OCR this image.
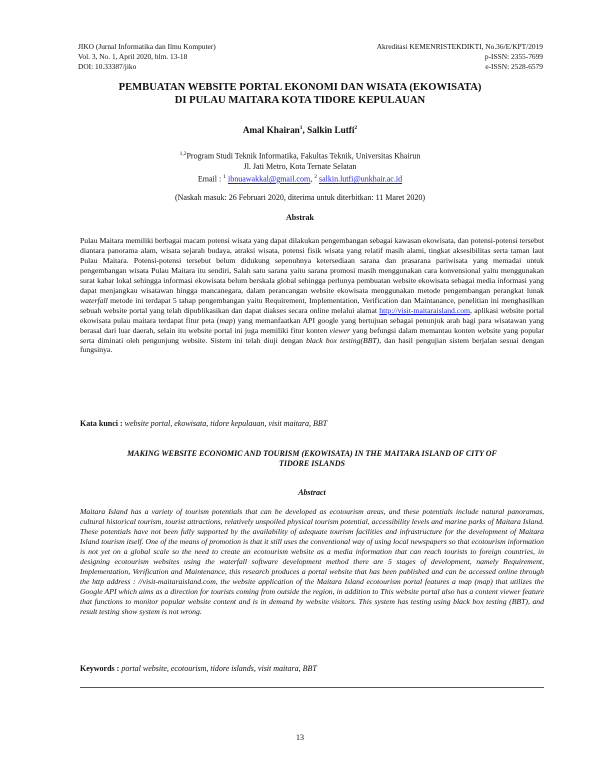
JIKO (Jurnal Informatika dan Ilmu Komputer)
Vol. 3, No. 1, April 2020, hlm. 13-18
DOI: 10.33387/jiko
Akreditasi KEMENRISTEKDIKTI, No.36/E/KPT/2019
p-ISSN: 2355-7699
e-ISSN: 2528-6579
PEMBUATAN WEBSITE PORTAL EKONOMI DAN WISATA (EKOWISATA)
DI PULAU MAITARA KOTA TIDORE KEPULAUAN
Amal Khairan$^1$, Salkin Lutfi$^2$
$^{1,2}$Program Studi Teknik Informatika, Fakultas Teknik, Universitas Khairun
Jl. Jati Metro, Kota Ternate Selatan
Email : $^1$ ibnuawakkal@gmail.com, $^2$ salkin.lutfi@unkhair.ac.id
(Naskah masuk: 26 Februari 2020, diterima untuk diterbitkan: 11 Maret 2020)
Abstrak
Pulau Maitara memiliki berbagai macam potensi wisata yang dapat dilakukan pengembangan sebagai kawasan ekowisata, dan potensi-potensi tersebut diantara panorama alam, wisata sejarah budaya, atraksi wisata, potensi fisik wisata yang relatif masih alami, tingkat aksesibilitas serta taman laut Pulau Maitara. Potensi-potensi tersebut belum didukung sepenuhnya ketersediaan sarana dan prasarana pariwisata yang memadai untuk pengembangan wisata Pulau Maitara itu sendiri, Salah satu sarana yaitu sarana promosi masih menggunakan cara konvensional yaitu menggunakan surat kabar lokal sehingga informasi ekowisata belum berskala global sehingga perlunya pembuatan website ekowisata sebagai media informasi yang dapat menjangkau wisatawan hingga mancanegara, dalam perancangan website ekowisata menggunakan metode pengembangan perangkat lunak waterfall metode ini terdapat 5 tahap pengembangan yaitu Requirement, Implementation, Verification dan Maintanance, penelitian ini menghasilkan sebuah website portal yang telah dipublikasikan dan dapat diakses secara online melalui alamat http://visit-maitaraisland.com, aplikasi website portal ekowisata pulau maitara terdapat fitur peta (map) yang memanfaatkan API google yang bertujuan sebagai penunjuk arah bagi para wisatawan yang berasal dari luar daerah, selain itu website portal ini juga memiliki fitur konten viewer yang befungsi dalam memantau konten website yang popular serta diminati oleh pengunjung website. Sistem ini telah diuji dengan black box testing(BBT), dan hasil pengujian sistem berjalan sesuai dengan fungsinya.
Kata kunci : website portal, ekowisata, tidore kepulauan, visit maitara, BBT
MAKING WEBSITE ECONOMIC AND TOURISM (EKOWISATA) IN THE MAITARA ISLAND OF CITY OF
TIDORE ISLANDS
Abstract
Maitara Island has a variety of tourism potentials that can be developed as ecotourism areas, and these potentials include natural panoramas, cultural historical tourism, tourist attractions, relatively unspoiled physical tourism potential, accessibility levels and marine parks of Maitara Island. These potentials have not been fully supported by the availability of adequate tourism facilities and infrastructure for the development of Maitara Island tourism itself. One of the means of promotion is that it still uses the conventional way of using local newspapers so that ecotourism information is not yet on a global scale so the need to create an ecotourism website as a media information that can reach tourists to foreign countries, in designing ecotourism websites using the waterfall software development method there are 5 stages of development, namely Requirement, Implementation, Verification and Maintenance, this research produces a portal website that has been published and can be accessed online through the http address : //visit-maitaraisland.com, the website application of the Maitara Island ecotourism portal features a map (map) that utilizes the Google API which aims as a direction for tourists coming from outside the region, in addition to This website portal also has a content viewer feature that functions to monitor popular website content and is in demand by website visitors. This system has testing using black box testing (BBT), and result testing show system is not wrong.
Keywords : portal website, ecotourism, tidore islands, visit maitara, BBT
13
